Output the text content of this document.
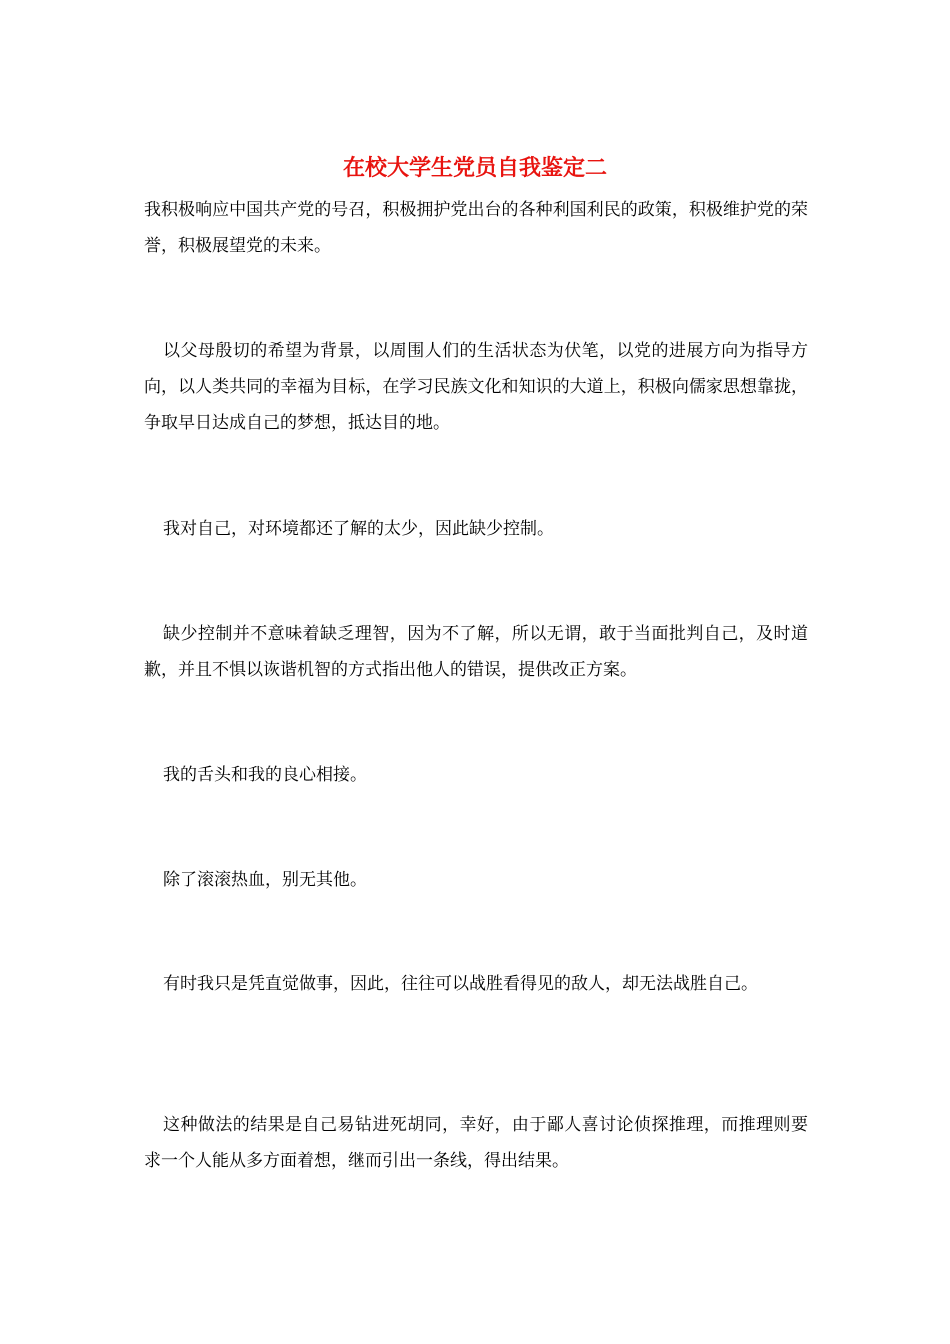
在校大学生党员自我鉴定二

我积极响应中国共产党的号召，积极拥护党出台的各种利国利民的政策，积极维护党的荣誉，积极展望党的未来。

以父母殷切的希望为背景，以周围人们的生活状态为伏笔，以党的进展方向为指导方向，以人类共同的幸福为目标，在学习民族文化和知识的大道上，积极向儒家思想靠拢，争取早日达成自己的梦想，抵达目的地。

我对自己，对环境都还了解的太少，因此缺少控制。

缺少控制并不意味着缺乏理智，因为不了解，所以无谓，敢于当面批判自己，及时道歉，并且不惧以诙谐机智的方式指出他人的错误，提供改正方案。

我的舌头和我的良心相接。

除了滚滚热血，别无其他。

有时我只是凭直觉做事，因此，往往可以战胜看得见的敌人，却无法战胜自己。

这种做法的结果是自己易钻进死胡同，幸好，由于鄙人喜讨论侦探推理，而推理则要求一个人能从多方面着想，继而引出一条线，得出结果。
